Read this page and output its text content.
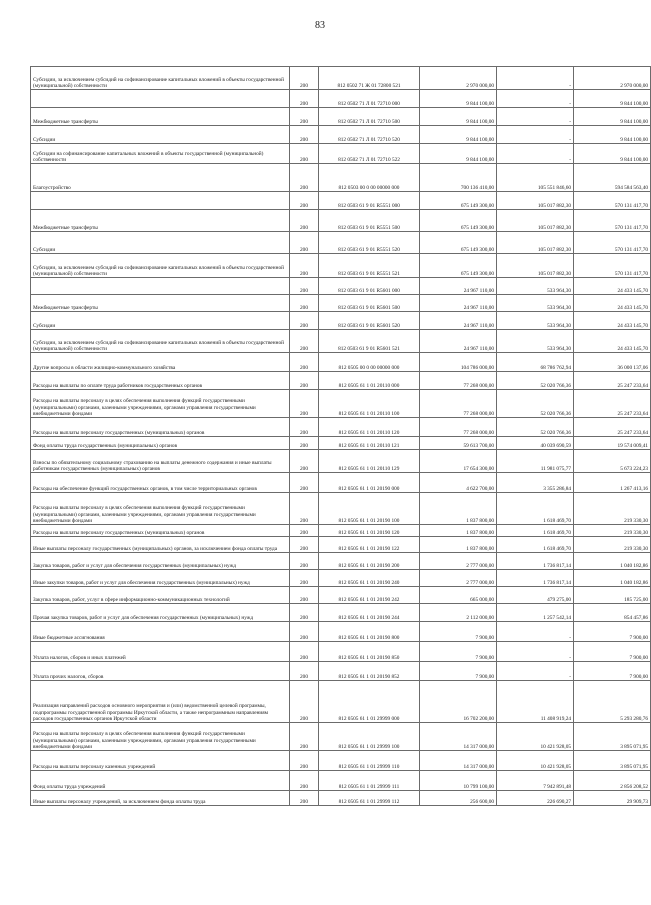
83
Субсидии, за исключением субсидий на софинансирование капитальных вложений в объекты государственной (муниципальной) собственности	200	812 0502 71 Ж 01 72800 521	2 970 000,00	-	2 970 000,00
	200	812 0502 71 Л 01 72710 000	9 844 100,00	-	9 844 100,00
Межбюджетные трансферты	200	812 0502 71 Л 01 72710 500	9 844 100,00	-	9 844 100,00
Субсидии	200	812 0502 71 Л 01 72710 520	9 844 100,00	-	9 844 100,00
Субсидии на софинансирование капитальных вложений в объекты государственной (муниципальной) собственности	200	812 0502 71 Л 01 72710 522	9 844 100,00	-	9 844 100,00
Благоустройство	200	812 0503 00 0 00 00000 000	700 136 410,00	105 551 846,60	594 584 563,40
	200	812 0503 61 9 01 R5551 000	675 149 300,00	105 017 882,30	570 131 417,70
Межбюджетные трансферты	200	812 0503 61 9 01 R5551 500	675 149 300,00	105 017 882,30	570 131 417,70
Субсидии	200	812 0503 61 9 01 R5551 520	675 149 300,00	105 017 882,30	570 131 417,70
Субсидии, за исключением субсидий на софинансирование капитальных вложений в объекты государственной (муниципальной) собственности	200	812 0503 61 9 01 R5551 521	675 149 300,00	105 017 882,30	570 131 417,70
	200	812 0503 61 9 01 R5601 000	24 967 110,00	533 964,30	24 433 145,70
Межбюджетные трансферты	200	812 0503 61 9 01 R5601 500	24 967 110,00	533 964,30	24 433 145,70
Субсидии	200	812 0503 61 9 01 R5601 520	24 967 110,00	533 964,30	24 433 145,70
Субсидии, за исключением субсидий на софинансирование капитальных вложений в объекты государственной (муниципальной) собственности	200	812 0503 61 9 01 R5601 521	24 967 110,00	533 964,30	24 433 145,70
Другие вопросы в области жилищно-коммунального хозяйства	200	812 0505 00 0 00 00000 000	104 786 000,00	68 786 762,94	36 000 137,06
Расходы на выплаты по оплате труда работников государственных органов	200	812 0505 61 1 01 20110 000	77 268 000,00	52 020 766,36	25 247 233,64
Расходы на выплаты персоналу в целях обеспечения выполнения функций государственными (муниципальными) органами, казенными учреждениями, органами управления государственными внебюджетными фондами	200	812 0505 61 1 01 20110 100	77 268 000,00	52 020 766,36	25 247 233,64
Расходы на выплаты персоналу государственных (муниципальных) органов	200	812 0505 61 1 01 20110 120	77 268 000,00	52 020 766,36	25 247 233,64
Фонд оплаты труда государственных (муниципальных) органов	200	812 0505 61 1 01 20110 121	59 613 700,00	40 039 690,59	19 574 009,41
Взносы по обязательному социальному страхованию на выплаты денежного содержания и иные выплаты работникам государственных (муниципальных) органов	200	812 0505 61 1 01 20110 129	17 654 300,00	11 981 075,77	5 673 224,23
Расходы на обеспечение функций государственных органов, в том числе территориальных органов	200	812 0505 61 1 01 20190 000	4 622 700,00	3 355 286,84	1 267 413,16
Расходы на выплаты персоналу в целях обеспечения выполнения функций государственными (муниципальными) органами, казенными учреждениями, органами управления государственными внебюджетными фондами	200	812 0505 61 1 01 20190 100	1 837 800,00	1 618 469,70	219 330,30
Расходы на выплаты персоналу государственных (муниципальных) органов	200	812 0505 61 1 01 20190 120	1 837 800,00	1 618 469,70	219 330,30
Иные выплаты персоналу государственных (муниципальных) органов, за исключением фонда оплаты труда	200	812 0505 61 1 01 20190 122	1 837 800,00	1 618 469,70	219 330,30
Закупка товаров, работ и услуг для обеспечения государственных (муниципальных) нужд	200	812 0505 61 1 01 20190 200	2 777 000,00	1 736 817,14	1 040 182,86
Иные закупки товаров, работ и услуг для обеспечения государственных (муниципальных) нужд	200	812 0505 61 1 01 20190 240	2 777 000,00	1 736 817,14	1 040 182,86
Закупка товаров, работ, услуг в сфере информационно-коммуникационных технологий	200	812 0505 61 1 01 20190 242	665 000,00	479 275,00	185 725,00
Прочая закупка товаров, работ и услуг для обеспечения государственных (муниципальных) нужд	200	812 0505 61 1 01 20190 244	2 112 000,00	1 257 542,14	854 457,86
Иные бюджетные ассигнования	200	812 0505 61 1 01 20190 800	7 900,00	-	7 900,00
Уплата налогов, сборов и иных платежей	200	812 0505 61 1 01 20190 850	7 900,00	-	7 900,00
Уплата прочих налогов, сборов	200	812 0505 61 1 01 20190 852	7 900,00	-	7 900,00
Реализация направлений расходов основного мероприятия и (или) ведомственной целевой программы, подпрограммы государственной программы Иркутской области, а также непрограммным направлениям расходов государственных органов Иркутской области	200	812 0505 61 1 01 29999 000	16 702 200,00	11 408 919,24	5 293 280,76
Расходы на выплаты персоналу в целях обеспечения выполнения функций государственными (муниципальными) органами, казенными учреждениями, органами управления государственными внебюджетными фондами	200	812 0505 61 1 01 29999 100	14 317 000,00	10 421 928,05	3 895 071,95
Расходы на выплаты персоналу казенных учреждений	200	812 0505 61 1 01 29999 110	14 317 000,00	10 421 928,05	3 895 071,95
Фонд оплаты труда учреждений	200	812 0505 61 1 01 29999 111	10 799 100,00	7 942 891,48	2 856 208,52
Иные выплаты персоналу учреждений, за исключением фонда оплаты труда	200	812 0505 61 1 01 29999 112	256 600,00	226 690,27	29 909,73
